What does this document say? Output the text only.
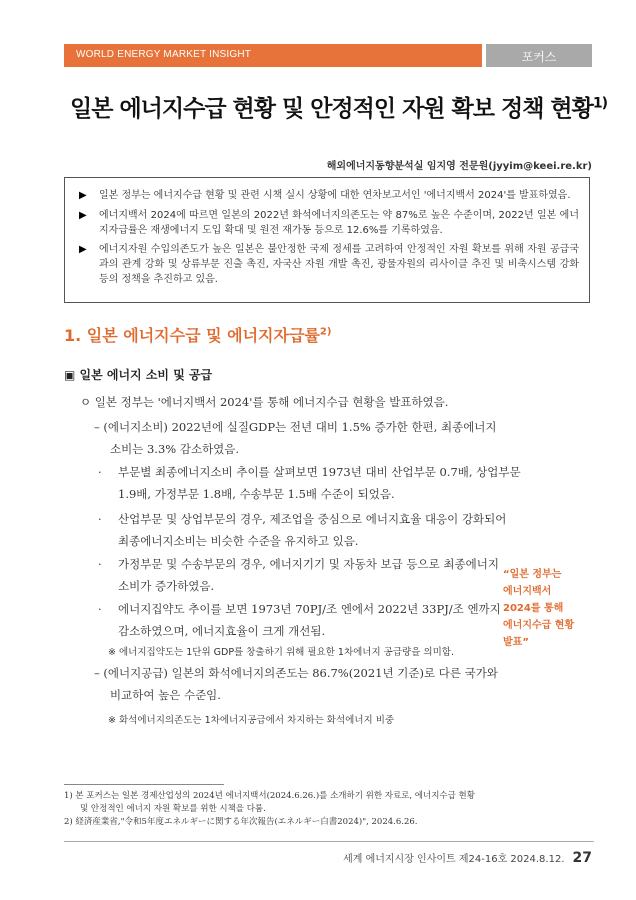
WORLD ENERGY MARKET INSIGHT	포커스
일본 에너지수급 현황 및 안정적인 자원 확보 정책 현황$^{1)}$
해외에너지동향분석실 임지영 전문원(jyyim@keei.re.kr)
▶ 일본 정부는 에너지수급 현황 및 관련 시책 실시 상황에 대한 연차보고서인 '에너지백서 2024'를 발표하였음.
▶ 에너지백서 2024에 따르면 일본의 2022년 화석에너지의존도는 약 87%로 높은 수준이며, 2022년 일본 에너지자급률은 재생에너지 도입 확대 및 원전 재가동 등으로 12.6%를 기록하였음.
▶ 에너지자원 수입의존도가 높은 일본은 불안정한 국제 정세를 고려하여 안정적인 자원 확보를 위해 자원 공급국과의 관계 강화 및 상류부문 진출 촉진, 자국산 자원 개발 촉진, 광물자원의 리사이클 추진 및 비축시스템 강화 등의 정책을 추진하고 있음.
1. 일본 에너지수급 및 에너지자급률$^{2)}$
▣ 일본 에너지 소비 및 공급
ㅇ 일본 정부는 '에너지백서 2024'를 통해 에너지수급 현황을 발표하였음.
– (에너지소비) 2022년에 실질GDP는 전년 대비 1.5% 증가한 한편, 최종에너지
소비는 3.3% 감소하였음.
· 부문별 최종에너지소비 추이를 살펴보면 1973년 대비 산업부문 0.7배, 상업부문
1.9배, 가정부문 1.8배, 수송부문 1.5배 수준이 되었음.
· 산업부문 및 상업부문의 경우, 제조업을 중심으로 에너지효율 대응이 강화되어
최종에너지소비는 비슷한 수준을 유지하고 있음.
· 가정부문 및 수송부문의 경우, 에너지기기 및 자동차 보급 등으로 최종에너지
소비가 증가하였음.
· 에너지집약도 추이를 보면 1973년 70PJ/조 엔에서 2022년 33PJ/조 엔까지
감소하였으며, 에너지효율이 크게 개선됨.
※ 에너지집약도는 1단위 GDP를 창출하기 위해 필요한 1차에너지 공급량을 의미함.
– (에너지공급) 일본의 화석에너지의존도는 86.7%(2021년 기준)로 다른 국가와
비교하여 높은 수준임.
※ 화석에너지의존도는 1차에너지공급에서 차지하는 화석에너지 비중
“일본 정부는
에너지백서
2024를 통해
에너지수급 현황
발표”
1) 본 포커스는 일본 경제산업성의 2024년 에너지백서(2024.6.26.)를 소개하기 위한 자료로, 에너지수급 현황
및 안정적인 에너지 자원 확보를 위한 시책을 다룸.
2) 経済産業省,"令和5年度エネルギーに関する年次報告(エネルギー白書2024)", 2024.6.26.
세계 에너지시장 인사이트 제24-16호 2024.8.12. 27
